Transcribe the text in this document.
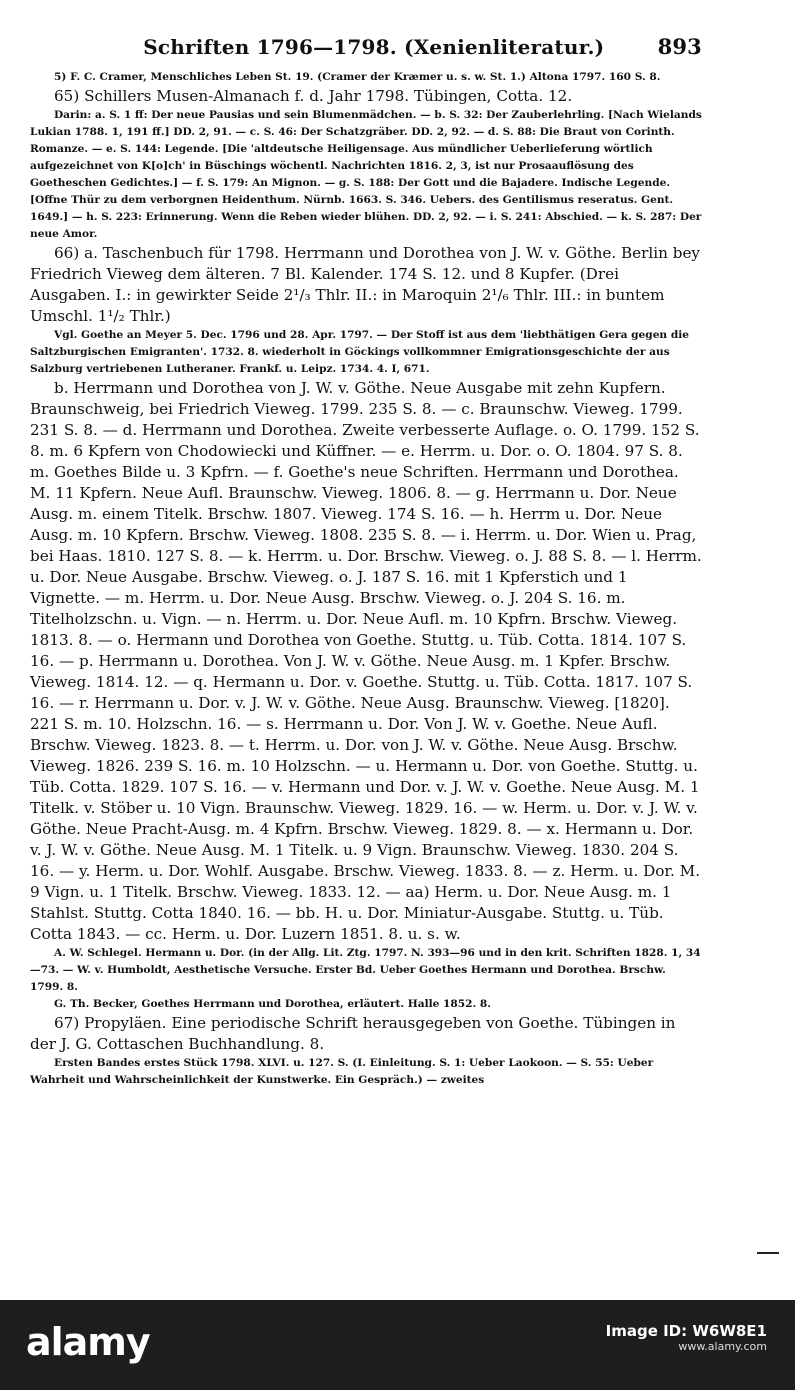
Schriften 1796—1798. (Xenienliteratur.)	893

5) F. C. Cramer, Menschliches Leben St. 19. (Cramer der Kræmer u. s. w. St. 1.) Altona 1797. 160 S. 8.

65) Schillers Musen-Almanach f. d. Jahr 1798. Tübingen, Cotta. 12.

Darin: a. S. 1 ff: Der neue Pausias und sein Blumenmädchen. — b. S. 32: Der Zauberlehrling. [Nach Wielands Lukian 1788. 1, 191 ff.] DD. 2, 91. — c. S. 46: Der Schatzgräber. DD. 2, 92. — d. S. 88: Die Braut von Corinth. Romanze. — e. S. 144: Legende. [Die 'altdeutsche Heiligensage. Aus mündlicher Ueberlieferung wörtlich aufgezeichnet von K[o]ch' in Büschings wöchentl. Nachrichten 1816. 2, 3, ist nur Prosaauflösung des Goetheschen Gedichtes.] — f. S. 179: An Mignon. — g. S. 188: Der Gott und die Bajadere. Indische Legende. [Offne Thür zu dem verborgnen Heidenthum. Nürnb. 1663. S. 346. Uebers. des Gentilismus reseratus. Gent. 1649.] — h. S. 223: Erinnerung. Wenn die Reben wieder blühen. DD. 2, 92. — i. S. 241: Abschied. — k. S. 287: Der neue Amor.

66) a. Taschenbuch für 1798. Herrmann und Dorothea von J. W. v. Göthe. Berlin bey Friedrich Vieweg dem älteren. 7 Bl. Kalender. 174 S. 12. und 8 Kupfer. (Drei Ausgaben. I.: in gewirkter Seide 2¹/₃ Thlr. II.: in Maroquin 2¹/₆ Thlr. III.: in buntem Umschl. 1¹/₂ Thlr.)

Vgl. Goethe an Meyer 5. Dec. 1796 und 28. Apr. 1797. — Der Stoff ist aus dem 'liebthätigen Gera gegen die Saltzburgischen Emigranten'. 1732. 8. wiederholt in Göckings vollkommner Emigrationsgeschichte der aus Salzburg vertriebenen Lutheraner. Frankf. u. Leipz. 1734. 4. I, 671.

b. Herrmann und Dorothea von J. W. v. Göthe. Neue Ausgabe mit zehn Kupfern. Braunschweig, bei Friedrich Vieweg. 1799. 235 S. 8. — c. Braunschw. Vieweg. 1799. 231 S. 8. — d. Herrmann und Dorothea. Zweite verbesserte Auflage. o. O. 1799. 152 S. 8. m. 6 Kpfern von Chodowiecki und Küffner. — e. Herrm. u. Dor. o. O. 1804. 97 S. 8. m. Goethes Bilde u. 3 Kpfrn. — f. Goethe's neue Schriften. Herrmann und Dorothea. M. 11 Kpfern. Neue Aufl. Braunschw. Vieweg. 1806. 8. — g. Herrmann u. Dor. Neue Ausg. m. einem Titelk. Brschw. 1807. Vieweg. 174 S. 16. — h. Herrm u. Dor. Neue Ausg. m. 10 Kpfern. Brschw. Vieweg. 1808. 235 S. 8. — i. Herrm. u. Dor. Wien u. Prag, bei Haas. 1810. 127 S. 8. — k. Herrm. u. Dor. Brschw. Vieweg. o. J. 88 S. 8. — l. Herrm. u. Dor. Neue Ausgabe. Brschw. Vieweg. o. J. 187 S. 16. mit 1 Kpferstich und 1 Vignette. — m. Herrm. u. Dor. Neue Ausg. Brschw. Vieweg. o. J. 204 S. 16. m. Titelholzschn. u. Vign. — n. Herrm. u. Dor. Neue Aufl. m. 10 Kpfrn. Brschw. Vieweg. 1813. 8. — o. Hermann und Dorothea von Goethe. Stuttg. u. Tüb. Cotta. 1814. 107 S. 16. — p. Herrmann u. Dorothea. Von J. W. v. Göthe. Neue Ausg. m. 1 Kpfer. Brschw. Vieweg. 1814. 12. — q. Hermann u. Dor. v. Goethe. Stuttg. u. Tüb. Cotta. 1817. 107 S. 16. — r. Herrmann u. Dor. v. J. W. v. Göthe. Neue Ausg. Braunschw. Vieweg. [1820]. 221 S. m. 10. Holzschn. 16. — s. Herrmann u. Dor. Von J. W. v. Goethe. Neue Aufl. Brschw. Vieweg. 1823. 8. — t. Herrm. u. Dor. von J. W. v. Göthe. Neue Ausg. Brschw. Vieweg. 1826. 239 S. 16. m. 10 Holzschn. — u. Hermann u. Dor. von Goethe. Stuttg. u. Tüb. Cotta. 1829. 107 S. 16. — v. Hermann und Dor. v. J. W. v. Goethe. Neue Ausg. M. 1 Titelk. v. Stöber u. 10 Vign. Braunschw. Vieweg. 1829. 16. — w. Herm. u. Dor. v. J. W. v. Göthe. Neue Pracht-Ausg. m. 4 Kpfrn. Brschw. Vieweg. 1829. 8. — x. Hermann u. Dor. v. J. W. v. Göthe. Neue Ausg. M. 1 Titelk. u. 9 Vign. Braunschw. Vieweg. 1830. 204 S. 16. — y. Herm. u. Dor. Wohlf. Ausgabe. Brschw. Vieweg. 1833. 8. — z. Herm. u. Dor. M. 9 Vign. u. 1 Titelk. Brschw. Vieweg. 1833. 12. — aa) Herm. u. Dor. Neue Ausg. m. 1 Stahlst. Stuttg. Cotta 1840. 16. — bb. H. u. Dor. Miniatur-Ausgabe. Stuttg. u. Tüb. Cotta 1843. — cc. Herm. u. Dor. Luzern 1851. 8. u. s. w.

A. W. Schlegel. Hermann u. Dor. (in der Allg. Lit. Ztg. 1797. N. 393—96 und in den krit. Schriften 1828. 1, 34—73. — W. v. Humboldt, Aesthetische Versuche. Erster Bd. Ueber Goethes Hermann und Dorothea. Brschw. 1799. 8.

G. Th. Becker, Goethes Herrmann und Dorothea, erläutert. Halle 1852. 8.

67) Propyläen. Eine periodische Schrift herausgegeben von Goethe. Tübingen in der J. G. Cottaschen Buchhandlung. 8.

Ersten Bandes erstes Stück 1798. XLVI. u. 127. S. (I. Einleitung. S. 1: Ueber Laokoon. — S. 55: Ueber Wahrheit und Wahrscheinlichkeit der Kunstwerke. Ein Gespräch.) — zweites

alamy	Image ID: W6W8E1
www.alamy.com
